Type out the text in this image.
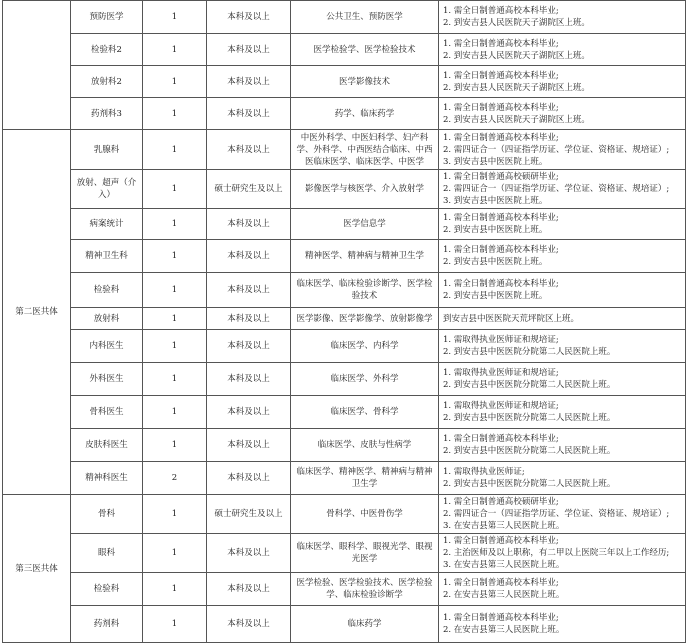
	预防医学	1	本科及以上	公共卫生、预防医学	1. 需全日制普通高校本科毕业;
2. 到安吉县人民医院天子湖院区上班。

	检验科2	1	本科及以上	医学检验学、医学检验技术	1. 需全日制普通高校本科毕业;
2. 到安吉县人民医院天子湖院区上班。

	放射科2	1	本科及以上	医学影像技术	1. 需全日制普通高校本科毕业;
2. 到安吉县人民医院天子湖院区上班。

	药剂科3	1	本科及以上	药学、临床药学	1. 需全日制普通高校本科毕业;
2. 到安吉县人民医院天子湖院区上班。

第二医共体	乳腺科	1	本科及以上	中医外科学、中医妇科学、妇产科学、外科学、中西医结合临床、中西医临床医学、临床医学、中医学	1. 需全日制普通高校本科毕业;
2. 需四证合一（四证指学历证、学位证、资格证、规培证）;
3. 到安吉县中医医院上班。

	放射、超声（介入）	1	硕士研究生及以上	影像医学与核医学、介入放射学	1. 需全日制普通高校硕研毕业;
2. 需四证合一（四证指学历证、学位证、资格证、规培证）;
3. 到安吉县中医医院上班。

	病案统计	1	本科及以上	医学信息学	1. 需全日制普通高校本科毕业;
2. 到安吉县中医医院上班。

	精神卫生科	1	本科及以上	精神医学、精神病与精神卫生学	1. 需全日制普通高校本科毕业;
2. 到安吉县中医医院上班。

	检验科	1	本科及以上	临床医学、临床检验诊断学、医学检验技术	1. 需全日制普通高校本科毕业;
2. 到安吉县中医医院上班。

	放射科	1	本科及以上	医学影像、医学影像学、放射影像学	到安吉县中医医院天荒坪院区上班。

	内科医生	1	本科及以上	临床医学、内科学	1. 需取得执业医师证和规培证;
2. 到安吉县中医医院分院第二人民医院上班。

	外科医生	1	本科及以上	临床医学、外科学	1. 需取得执业医师证和规培证;
2. 到安吉县中医医院分院第二人民医院上班。

	骨科医生	1	本科及以上	临床医学、骨科学	1. 需取得执业医师证和规培证;
2. 到安吉县中医医院分院第二人民医院上班。

	皮肤科医生	1	本科及以上	临床医学、皮肤与性病学	1. 需全日制普通高校本科毕业;
2. 到安吉县中医医院分院第二人民医院上班。

	精神科医生	2	本科及以上	临床医学、精神医学、精神病与精神卫生学	1. 需取得执业医师证;
2. 到安吉县中医医院分院第二人民医院上班。

第三医共体	骨科	1	硕士研究生及以上	骨科学、中医骨伤学	1. 需全日制普通高校硕研毕业;
2. 需四证合一（四证指学历证、学位证、资格证、规培证）;
3. 在安吉县第三人民医院上班。

	眼科	1	本科及以上	临床医学、眼科学、眼视光学、眼视光医学	1. 需全日制普通高校本科毕业;
2. 主治医师及以上职称，有二甲以上医院三年以上工作经历;
3. 在安吉县第三人民医院上班。

	检验科	1	本科及以上	医学检验、医学检验技术、医学检验学、临床检验诊断学	1. 需全日制普通高校本科毕业;
2. 在安吉县第三人民医院上班。

	药剂科	1	本科及以上	临床药学	1. 需全日制普通高校本科毕业;
2. 在安吉县第三人民医院上班。
